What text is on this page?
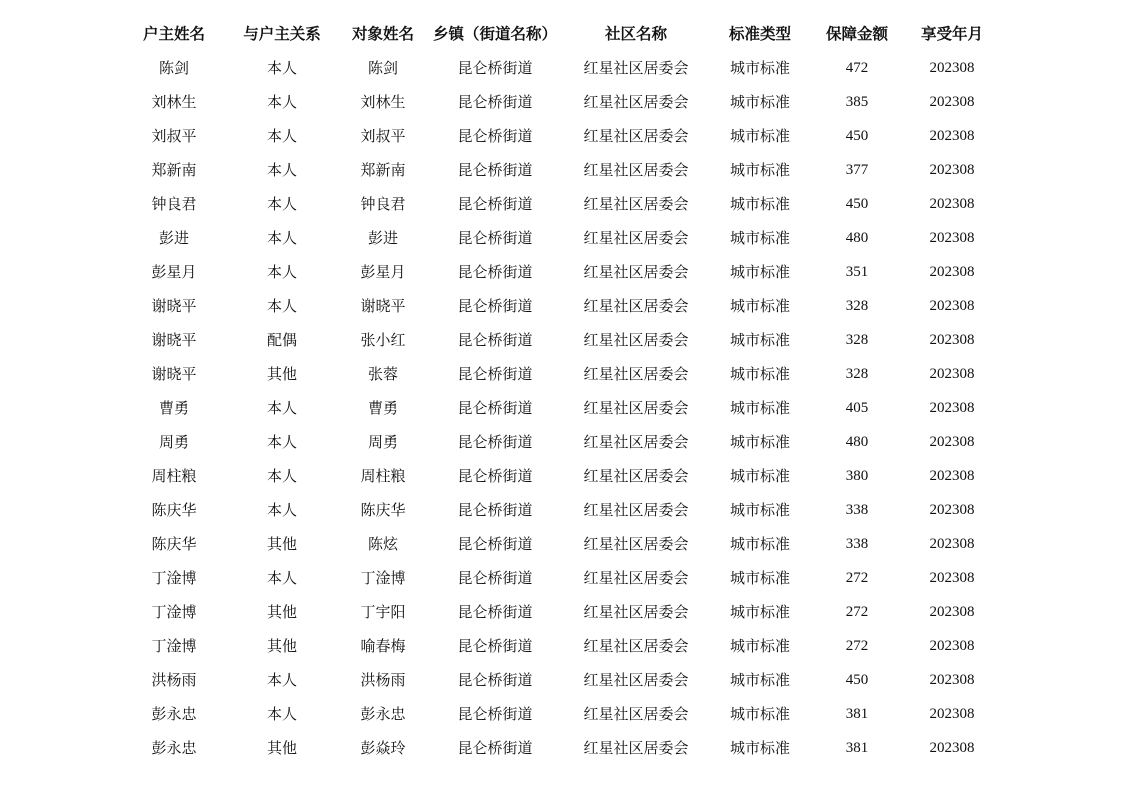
户主姓名	与户主关系	对象姓名	乡镇（街道名称）	社区名称	标准类型	保障金额	享受年月
陈剑	本人	陈剑	昆仑桥街道	红星社区居委会	城市标准	472	202308
刘林生	本人	刘林生	昆仑桥街道	红星社区居委会	城市标准	385	202308
刘叔平	本人	刘叔平	昆仑桥街道	红星社区居委会	城市标准	450	202308
郑新南	本人	郑新南	昆仑桥街道	红星社区居委会	城市标准	377	202308
钟良君	本人	钟良君	昆仑桥街道	红星社区居委会	城市标准	450	202308
彭进	本人	彭进	昆仑桥街道	红星社区居委会	城市标准	480	202308
彭星月	本人	彭星月	昆仑桥街道	红星社区居委会	城市标准	351	202308
谢晓平	本人	谢晓平	昆仑桥街道	红星社区居委会	城市标准	328	202308
谢晓平	配偶	张小红	昆仑桥街道	红星社区居委会	城市标准	328	202308
谢晓平	其他	张蓉	昆仑桥街道	红星社区居委会	城市标准	328	202308
曹勇	本人	曹勇	昆仑桥街道	红星社区居委会	城市标准	405	202308
周勇	本人	周勇	昆仑桥街道	红星社区居委会	城市标准	480	202308
周柱粮	本人	周柱粮	昆仑桥街道	红星社区居委会	城市标准	380	202308
陈庆华	本人	陈庆华	昆仑桥街道	红星社区居委会	城市标准	338	202308
陈庆华	其他	陈炫	昆仑桥街道	红星社区居委会	城市标准	338	202308
丁淦博	本人	丁淦博	昆仑桥街道	红星社区居委会	城市标准	272	202308
丁淦博	其他	丁宇阳	昆仑桥街道	红星社区居委会	城市标准	272	202308
丁淦博	其他	喻春梅	昆仑桥街道	红星社区居委会	城市标准	272	202308
洪杨雨	本人	洪杨雨	昆仑桥街道	红星社区居委会	城市标准	450	202308
彭永忠	本人	彭永忠	昆仑桥街道	红星社区居委会	城市标准	381	202308
彭永忠	其他	彭焱玲	昆仑桥街道	红星社区居委会	城市标准	381	202308
